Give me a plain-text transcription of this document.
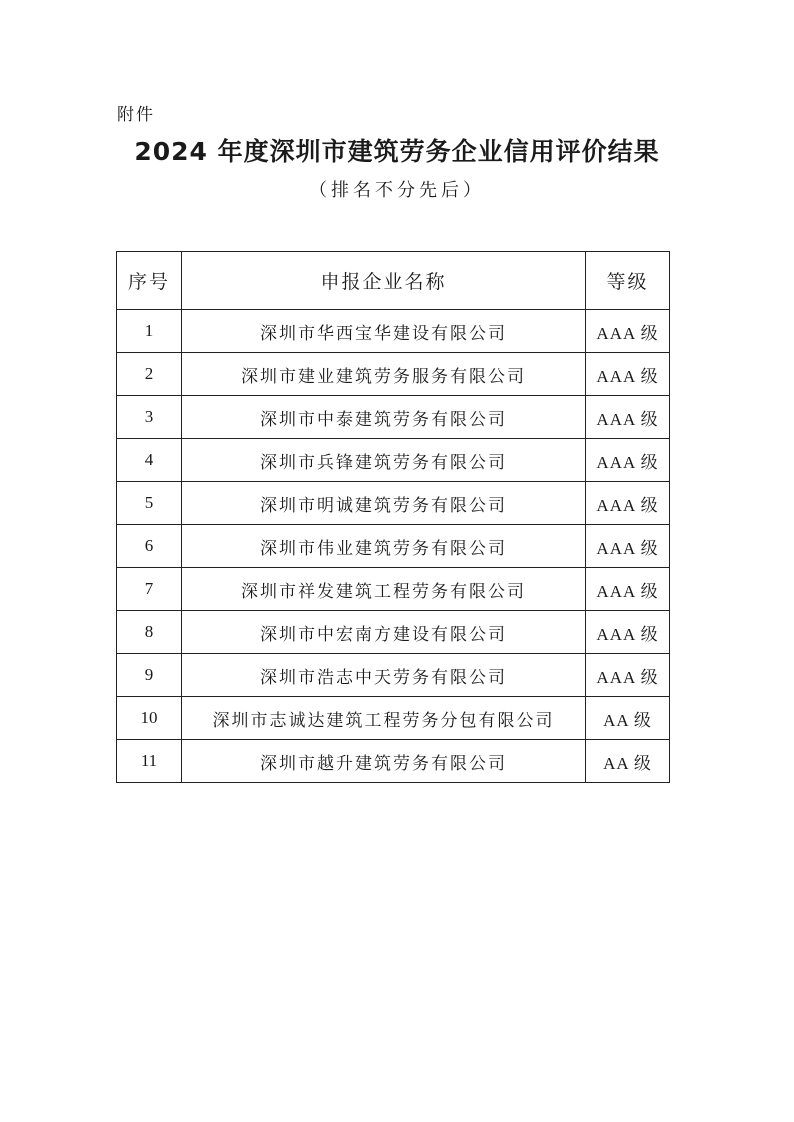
附件
2024 年度深圳市建筑劳务企业信用评价结果
（排名不分先后）
序号	申报企业名称	等级
1	深圳市华西宝华建设有限公司	AAA 级
2	深圳市建业建筑劳务服务有限公司	AAA 级
3	深圳市中泰建筑劳务有限公司	AAA 级
4	深圳市兵锋建筑劳务有限公司	AAA 级
5	深圳市明诚建筑劳务有限公司	AAA 级
6	深圳市伟业建筑劳务有限公司	AAA 级
7	深圳市祥发建筑工程劳务有限公司	AAA 级
8	深圳市中宏南方建设有限公司	AAA 级
9	深圳市浩志中天劳务有限公司	AAA 级
10	深圳市志诚达建筑工程劳务分包有限公司	AA 级
11	深圳市越升建筑劳务有限公司	AA 级
